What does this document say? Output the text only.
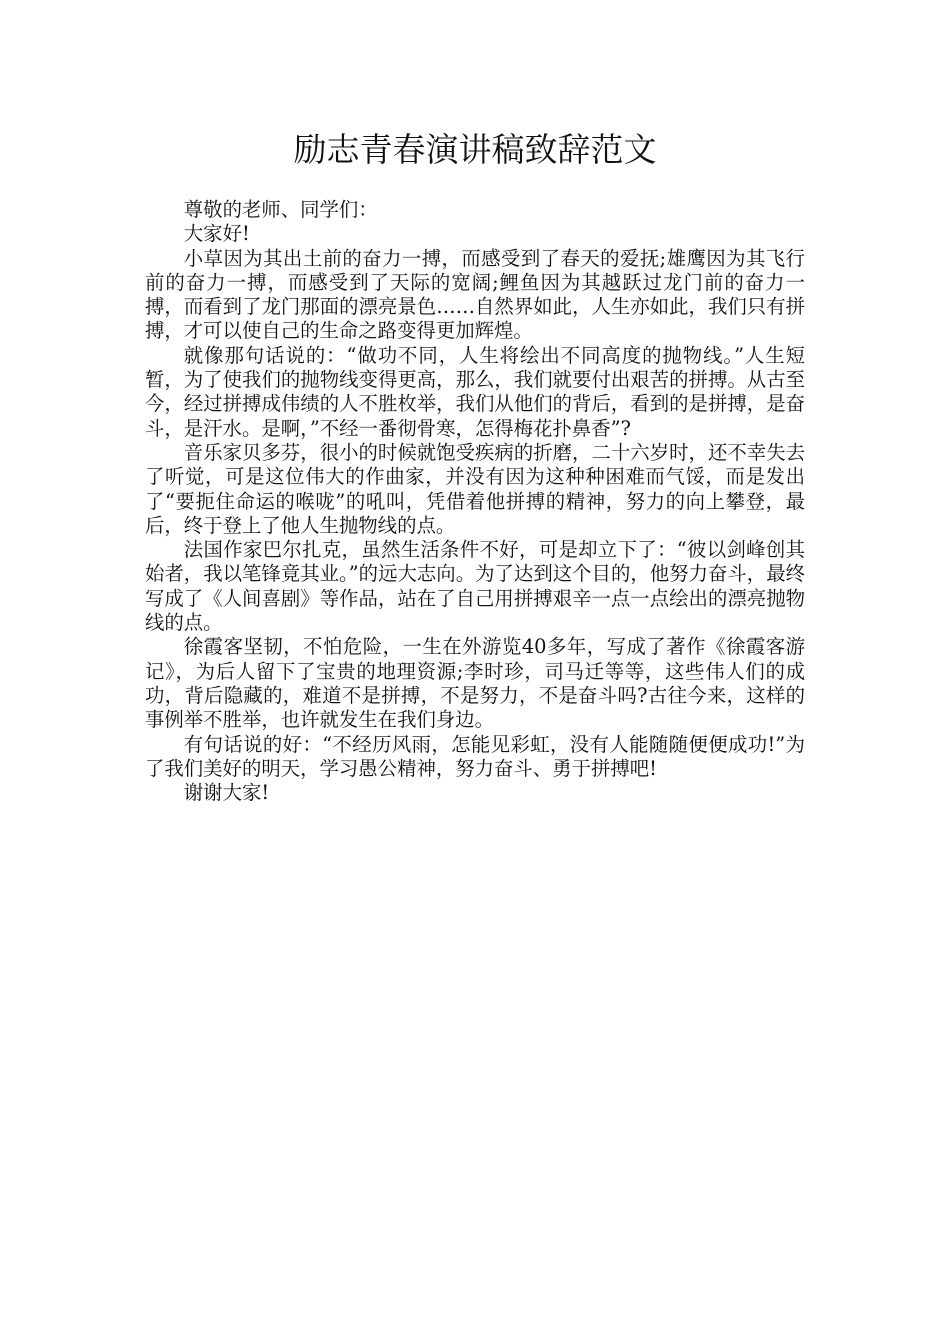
励志青春演讲稿致辞范文

尊敬的老师、同学们：

大家好!

小草因为其出土前的奋力一搏，而感受到了春天的爱抚;雄鹰因为其飞行前的奋力一搏，而感受到了天际的宽阔;鲤鱼因为其越跃过龙门前的奋力一搏，而看到了龙门那面的漂亮景色……自然界如此，人生亦如此，我们只有拼搏，才可以使自己的生命之路变得更加辉煌。

就像那句话说的：“做功不同，人生将绘出不同高度的抛物线。”人生短暂，为了使我们的抛物线变得更高，那么，我们就要付出艰苦的拼搏。从古至今，经过拼搏成伟绩的人不胜枚举，我们从他们的背后，看到的是拼搏，是奋斗，是汗水。是啊，”不经一番彻骨寒，怎得梅花扑鼻香”?

音乐家贝多芬，很小的时候就饱受疾病的折磨，二十六岁时，还不幸失去了听觉，可是这位伟大的作曲家，并没有因为这种种困难而气馁，而是发出了“要扼住命运的喉咙”的吼叫，凭借着他拼搏的精神，努力的向上攀登，最后，终于登上了他人生抛物线的点。

法国作家巴尔扎克，虽然生活条件不好，可是却立下了：“彼以剑峰创其始者，我以笔锋竟其业。”的远大志向。为了达到这个目的，他努力奋斗，最终写成了《人间喜剧》等作品，站在了自己用拼搏艰辛一点一点绘出的漂亮抛物线的点。

徐霞客坚韧，不怕危险，一生在外游览40多年，写成了著作《徐霞客游记》，为后人留下了宝贵的地理资源;李时珍，司马迁等等，这些伟人们的成功，背后隐藏的，难道不是拼搏，不是努力，不是奋斗吗?古往今来，这样的事例举不胜举，也许就发生在我们身边。

有句话说的好：“不经历风雨，怎能见彩虹，没有人能随随便便成功!”为了我们美好的明天，学习愚公精神，努力奋斗、勇于拼搏吧!

谢谢大家!
